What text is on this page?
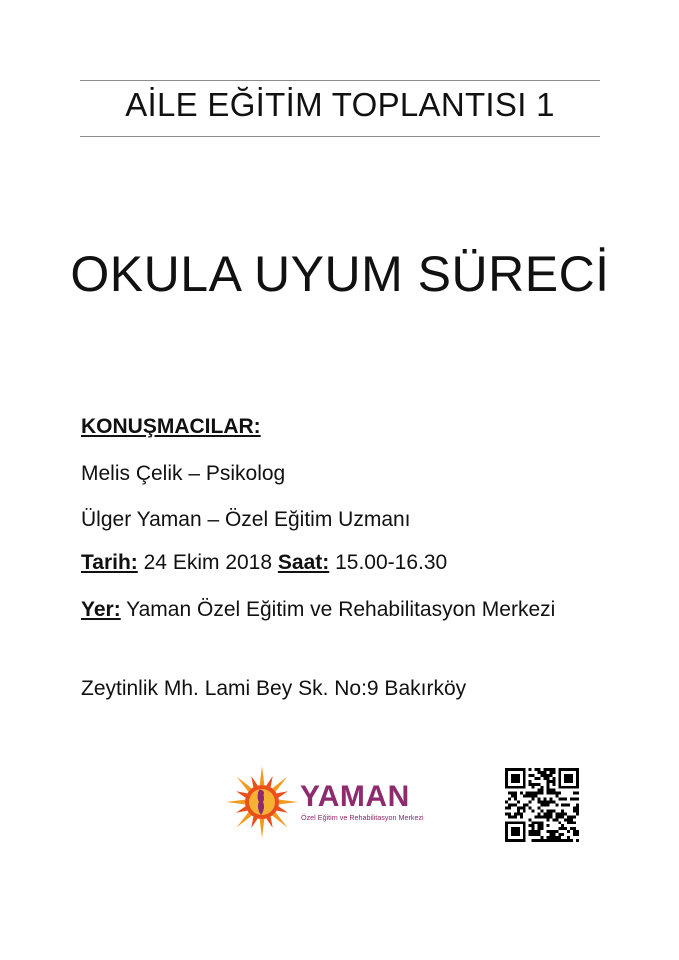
AİLE EĞİTİM TOPLANTISI 1
OKULA UYUM SÜRECİ
KONUŞMACILAR:
Melis Çelik – Psikolog
Ülger Yaman – Özel Eğitim Uzmanı
Tarih: 24 Ekim 2018 Saat: 15.00-16.30
Yer: Yaman Özel Eğitim ve Rehabilitasyon Merkezi
Zeytinlik Mh. Lami Bey Sk. No:9 Bakırköy
YAMAN
Özel Eğitim ve Rehabilitasyon Merkezi
